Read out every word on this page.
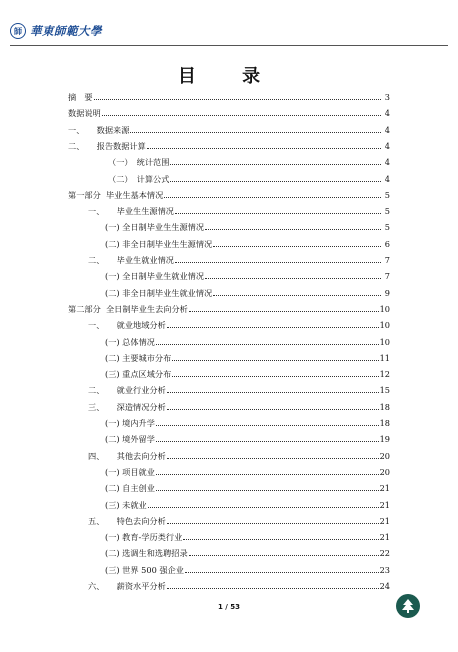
師 華東師範大學
目 录
摘　要	3
数据说明	4
一、　　数据来源	4
二、　　报告数据计算	4
（一）　统计范围	4
（二）　计算公式	4
第一部分  毕业生基本情况	5
一、　　毕业生生源情况	5
(一) 全日制毕业生生源情况	5
(二) 非全日制毕业生生源情况	6
二、　　毕业生就业情况	7
(一) 全日制毕业生就业情况	7
(二) 非全日制毕业生就业情况	9
第二部分  全日制毕业生去向分析	10
一、　　就业地域分析	10
(一) 总体情况	10
(二) 主要城市分布	11
(三) 重点区域分布	12
二、　　就业行业分析	15
三、　　深造情况分析	18
(一) 境内升学	18
(二) 境外留学	19
四、　　其他去向分析	20
(一) 项目就业	20
(二) 自主创业	21
(三) 未就业	21
五、　　特色去向分析	21
(一) 教育-学历类行业	21
(二) 选调生和选聘招录	22
(三) 世界 500 强企业	23
六、　　薪资水平分析	24
1 / 53
